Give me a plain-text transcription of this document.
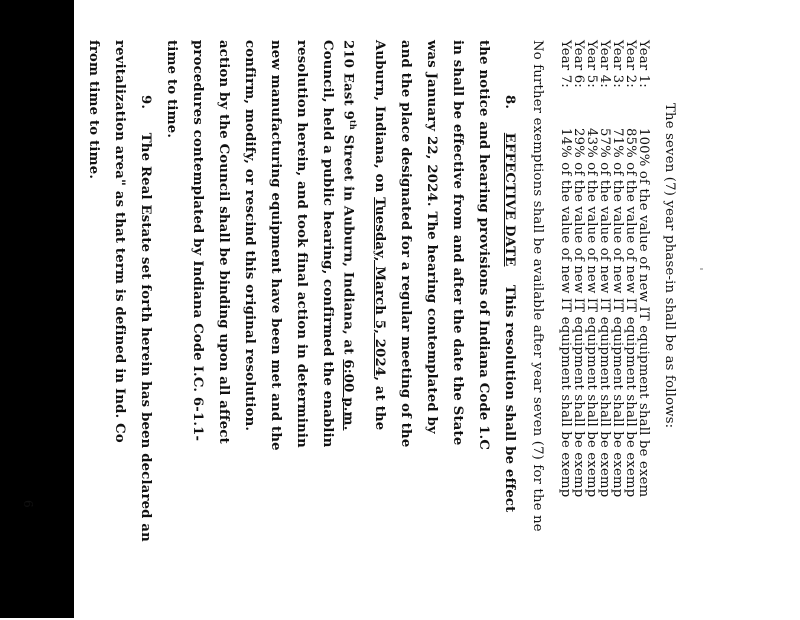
The seven (7) year phase-in shall be as follows:
Year 1:100% of the value of new IT equipment shall be exem
Year 2:85% of the value of new IT equipment shall be exemp
Year 3:71% of the value of new IT equipment shall be exemp
Year 4:57% of the value of new IT equipment shall be exemp
Year 5:43% of the value of new IT equipment shall be exemp
Year 6:29% of the value of new IT equipment shall be exemp
Year 7:14% of the value of new IT equipment shall be exemp
No further exemptions shall be available after year seven (7) for the ne
8.  EFFECTIVE DATE    This resolution shall be effect
the notice and hearing provisions of Indiana Code 1.C
in shall be effective from and after the date the State
was January 22, 2024. The hearing contemplated by
and the place designated for a regular meeting of the
Auburn, Indiana, on Tuesday, March 5, 2024, at the
210 East 9th Street in Auburn, Indiana, at 6:00 p.m.
Council, held a public hearing, confirmed the enablin
resolution herein, and took final action in determinin
new manufacturing equipment have been met and the
confirm, modify, or rescind this original resolution.
action by the Council shall be binding upon all affect
procedures contemplated by Indiana Code I.C. 6-1.1-
time to time.
9.  The Real Estate set forth herein has been declared an
revitalization area" as that term is defined in Ind. Co
from time to time.
6
